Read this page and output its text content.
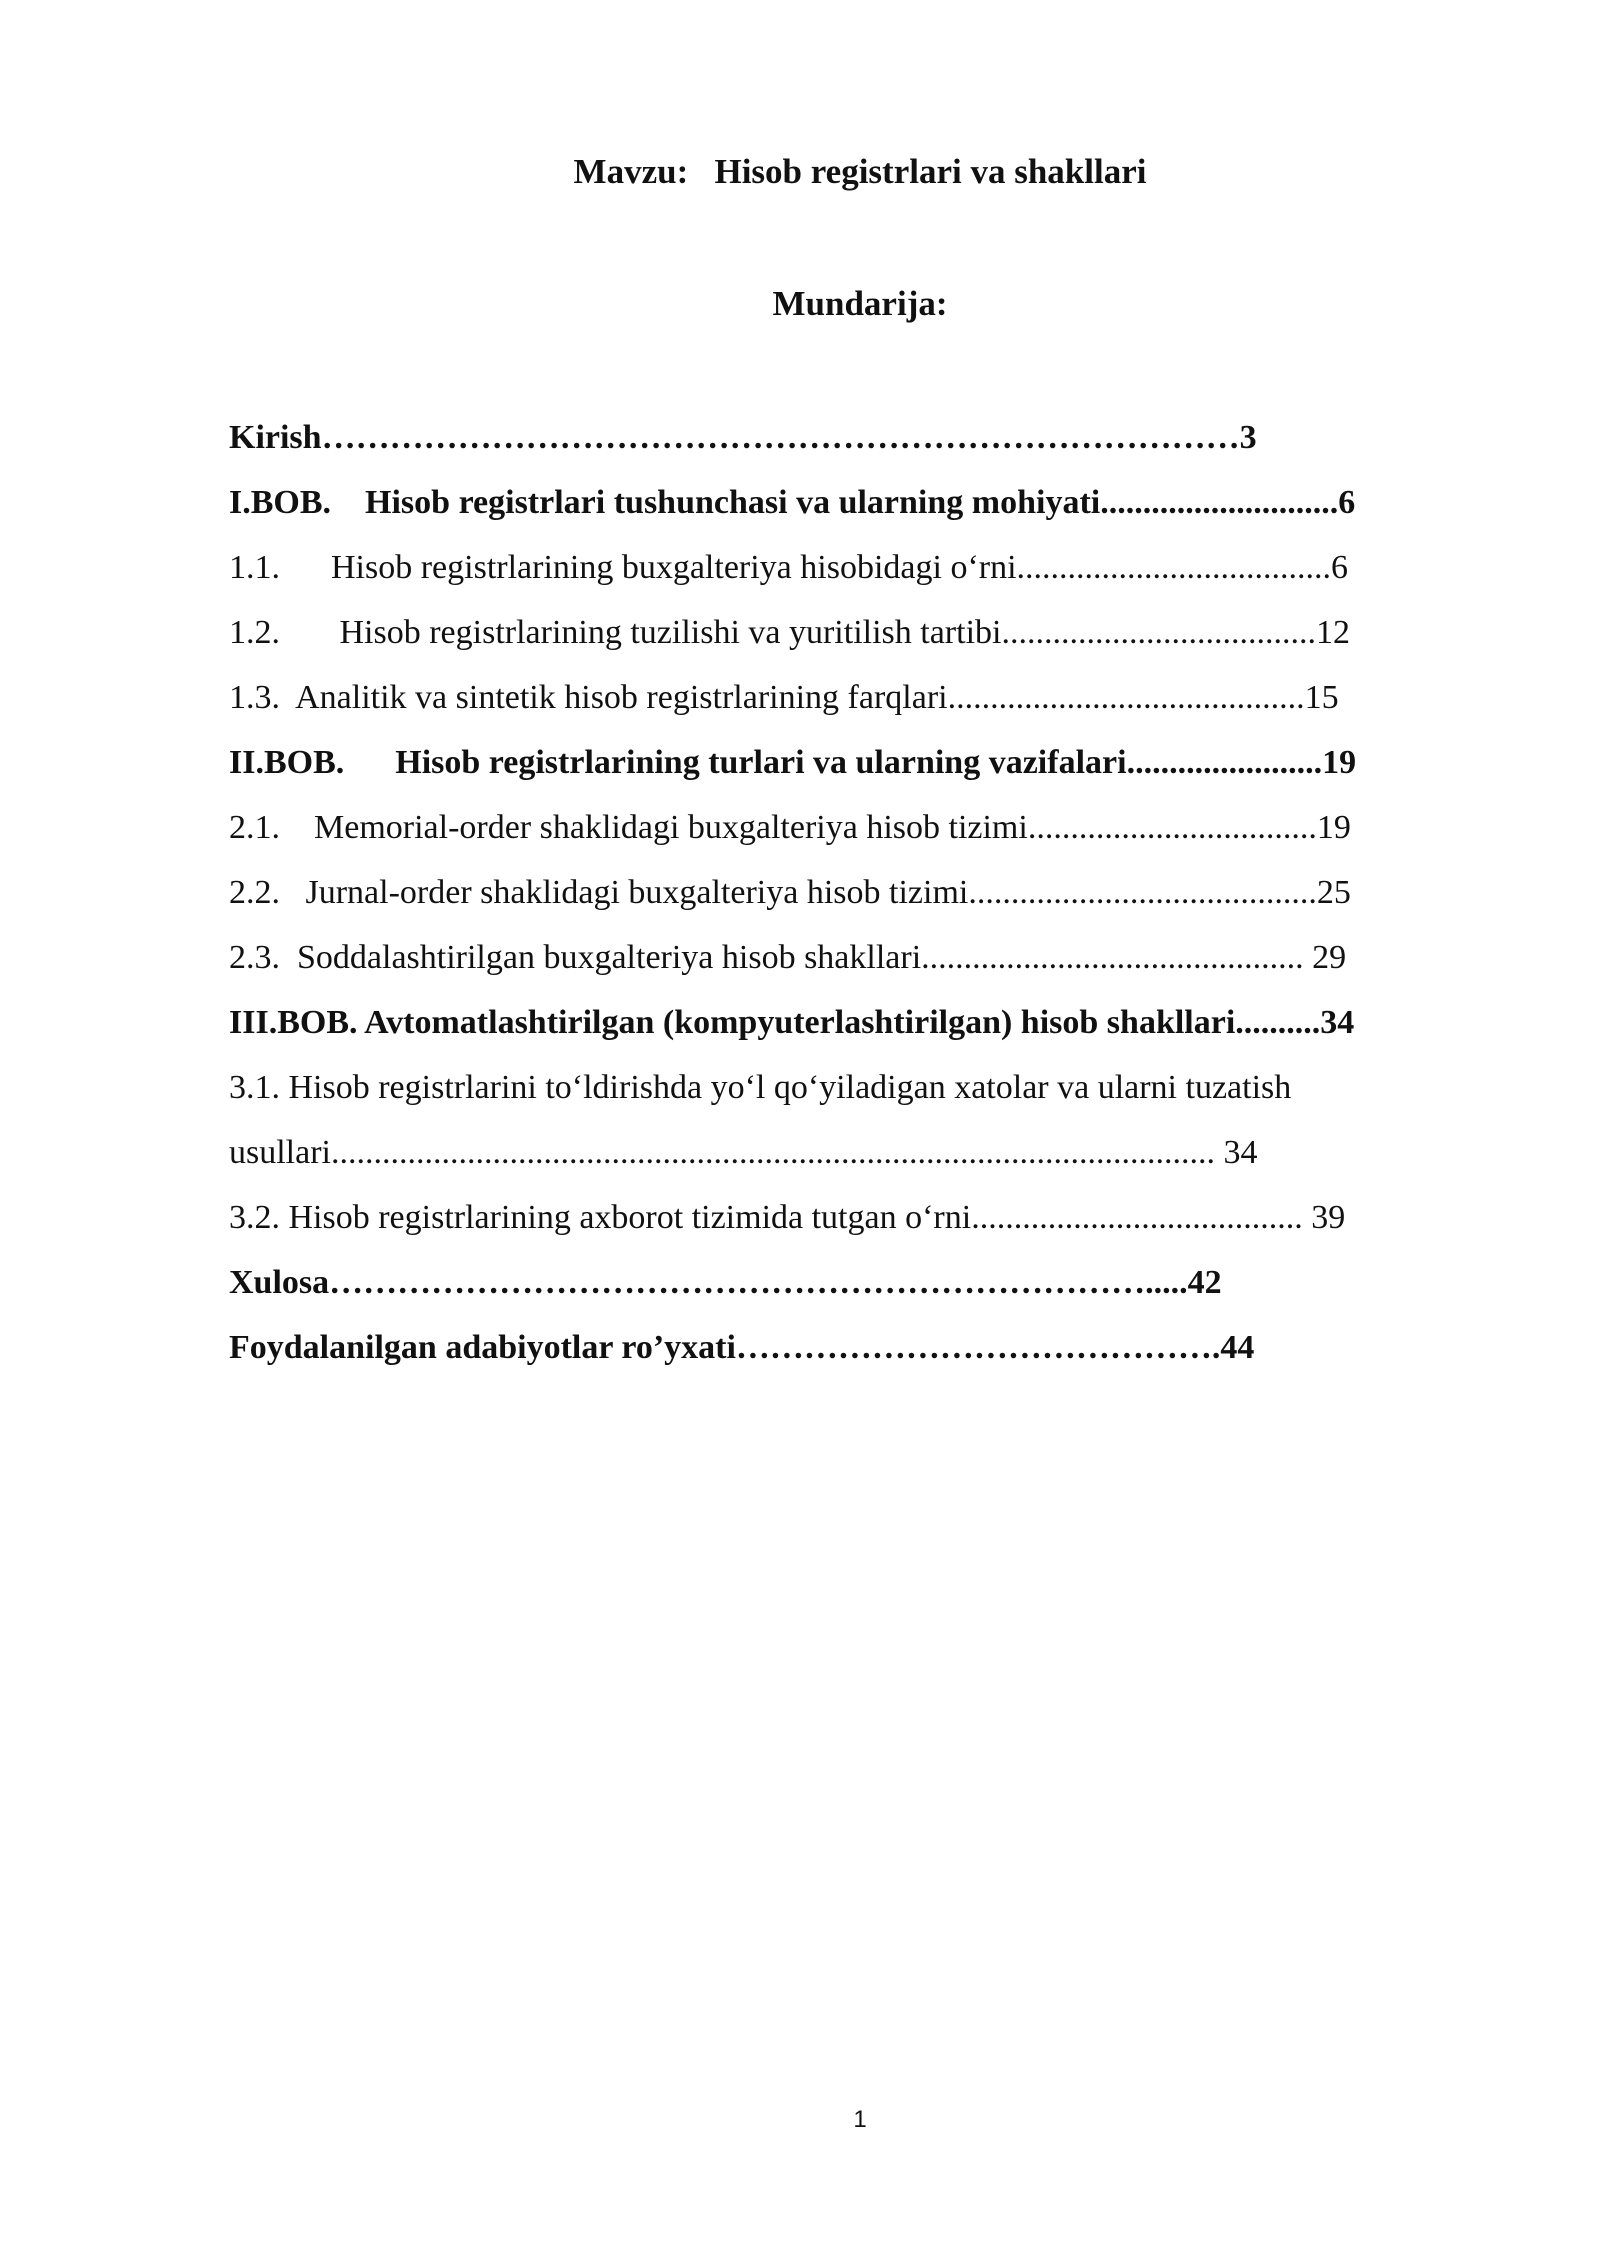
Mavzu:   Hisob registrlari va shakllari
Mundarija:
Kirish………………………………………………………………………3
I.BOB.    Hisob registrlari tushunchasi va ularning mohiyati............................6
1.1.      Hisob registrlarining buxgalteriya hisobidagi o‘rni.....................................6
1.2.       Hisob registrlarining tuzilishi va yuritilish tartibi.....................................12
1.3.  Analitik va sintetik hisob registrlarining farqlari..........................................15
II.BOB.      Hisob registrlarining turlari va ularning vazifalari.......................19
2.1.    Memorial-order shaklidagi buxgalteriya hisob tizimi..................................19
2.2.   Jurnal-order shaklidagi buxgalteriya hisob tizimi.........................................25
2.3.  Soddalashtirilgan buxgalteriya hisob shakllari............................................. 29
III.BOB. Avtomatlashtirilgan (kompyuterlashtirilgan) hisob shakllari..........34
3.1. Hisob registrlarini to‘ldirishda yo‘l qo‘yiladigan xatolar va ularni tuzatish
usullari........................................................................................................ 34
3.2. Hisob registrlarining axborot tizimida tutgan o‘rni....................................... 39
Xulosa……………………………………………………………….....42
Foydalanilgan adabiyotlar ro’yxati…………………………………….44
1
